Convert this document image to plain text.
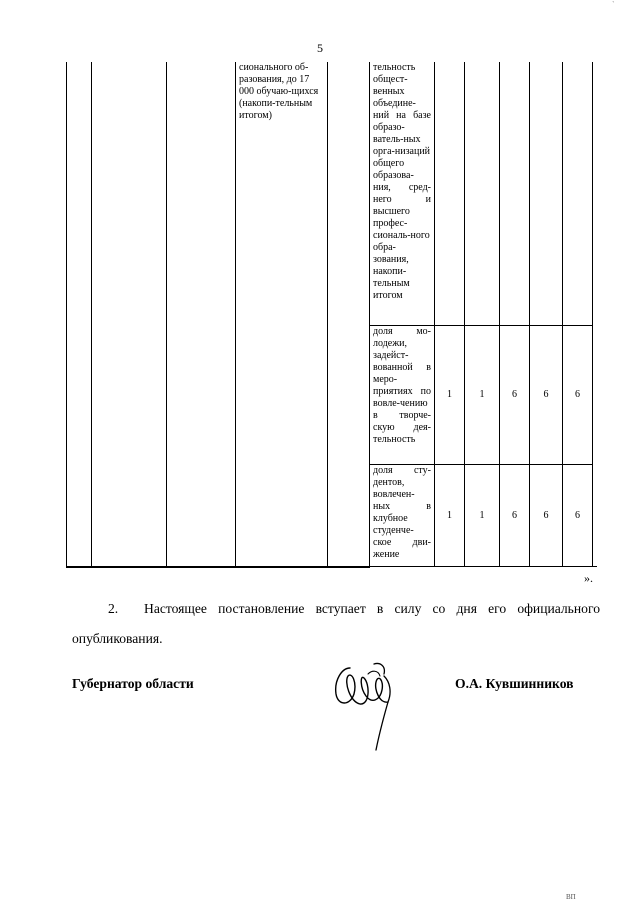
`
5

			сионального об-разования, до 17 000 обучаю-щихся (накопи-тельным итогом)		тельность общест-венных объедине-ний на базе образо-ватель-ных орга-низаций общего образова-ния, сред-него и высшего профес-сиональ-ного обра-зования, накопи-тельным итогом					

					доля мо-лодежи, задейст-вованной в меро-приятиях по вовле-чению в творче-скую дея-тельность	1	1	6	6	6

					доля сту-дентов, вовлечен-ных в клубное студенче-ское дви-жение	1	1	6	6	6
».
2. Настоящее постановление вступает в силу со дня его официального опубликования.
Губернатор области	О.А. Кувшинников
ВП
